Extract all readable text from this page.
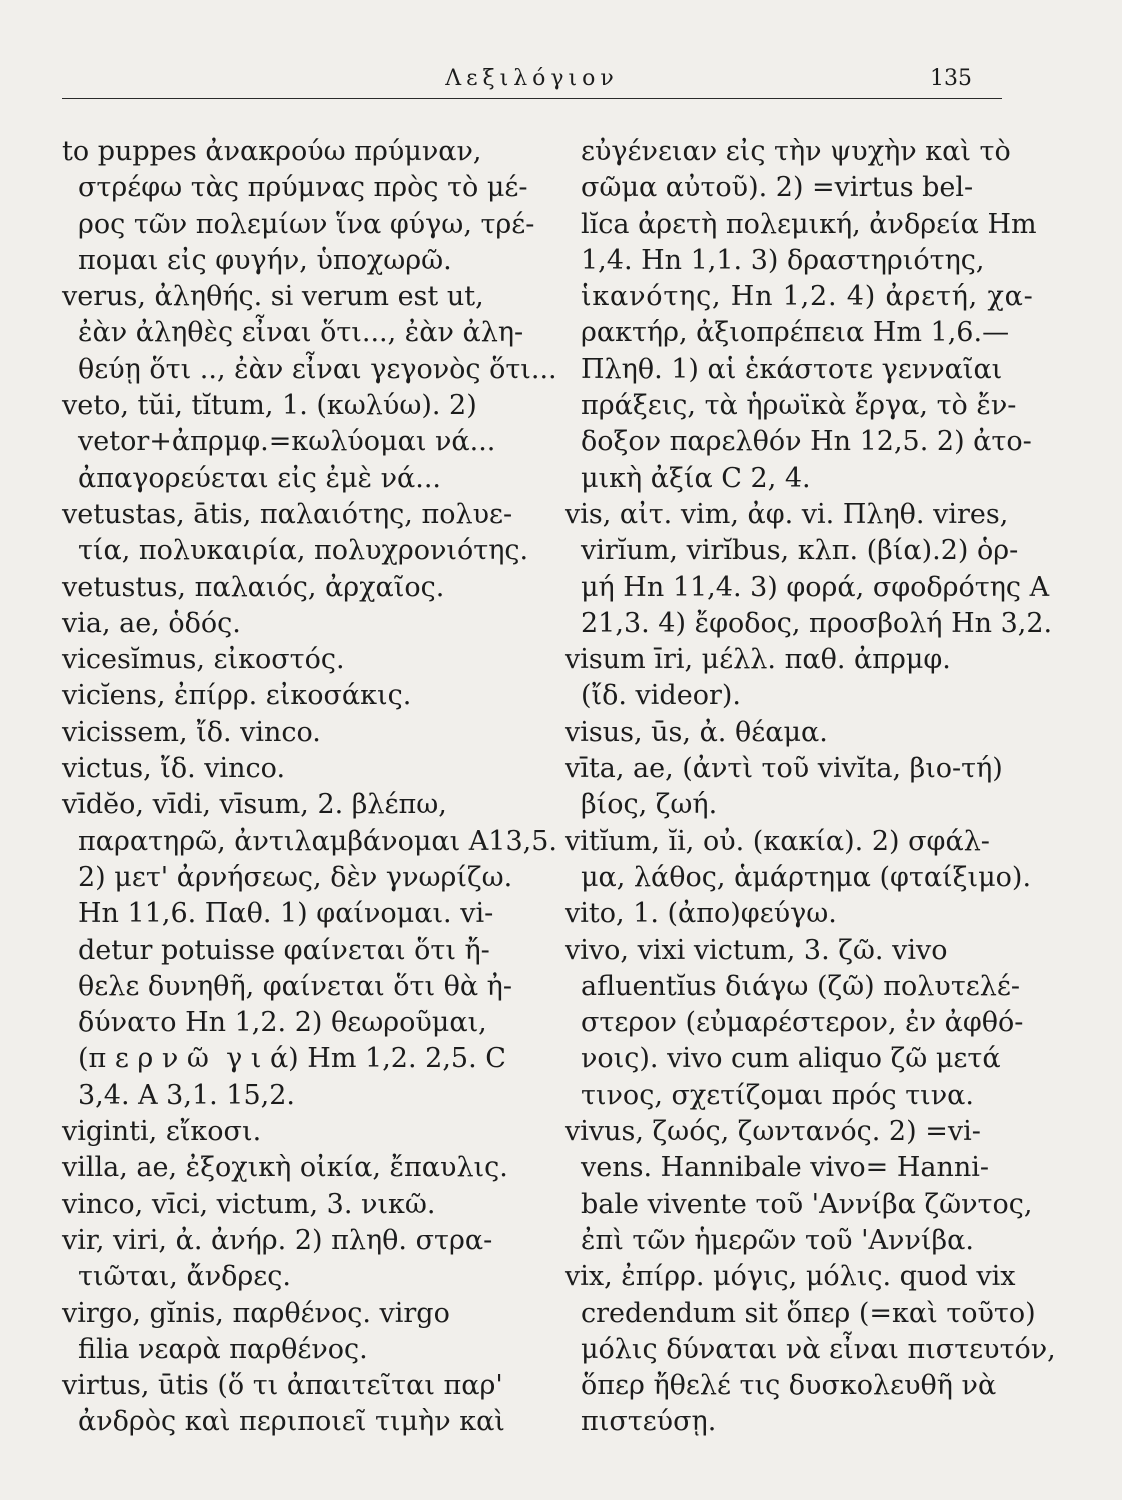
Λεξιλόγιον	135
to puppes ἀνακρούω πρύμναν,
στρέφω τὰς πρύμνας πρὸς τὸ μέ-
ρος τῶν πολεμίων ἵνα φύγω, τρέ-
πομαι εἰς φυγήν, ὑποχωρῶ.
verus, ἀληθής. si verum est ut,
ἐὰν ἀληθὲς εἶναι ὅτι..., ἐὰν ἀλη-
θεύῃ ὅτι .., ἐὰν εἶναι γεγονὸς ὅτι...
veto, tŭi, tĭtum, 1. (κωλύω). 2)
vetor+ἀπρμφ.=κωλύομαι νά...
ἀπαγορεύεται εἰς ἐμὲ νά...
vetustas, ātis, παλαιότης, πολυε-
τία, πολυκαιρία, πολυχρονιότης.
vetustus, παλαιός, ἀρχαῖος.
via, ae, ὁδός.
vicesĭmus, εἰκοστός.
vicĭens, ἐπίρρ. εἰκοσάκις.
vicissem, ἴδ. vinco.
victus, ἴδ. vinco.
vīdĕo, vīdi, vīsum, 2. βλέπω,
παρατηρῶ, ἀντιλαμβάνομαι A13,5.
2) μετ' ἀρνήσεως, δὲν γνωρίζω.
Hn 11,6. Παθ. 1) φαίνομαι. vi-
detur potuisse φαίνεται ὅτι ἤ-
θελε δυνηθῆ, φαίνεται ὅτι θὰ ἠ-
δύνατο Hn 1,2. 2) θεωροῦμαι,
(π ε ρ ν ῶ  γ ι ά) Hm 1,2. 2,5. C
3,4. A 3,1. 15,2.
viginti, εἴκοσι.
villa, ae, ἐξοχικὴ οἰκία, ἔπαυλις.
vinco, vīci, victum, 3. νικῶ.
vir, viri, ἀ. ἀνήρ. 2) πληθ. στρα-
τιῶται, ἄνδρες.
virgo, gĭnis, παρθένος. virgo
filia νεαρὰ παρθένος.
virtus, ūtis (ὅ τι ἀπαιτεῖται παρ'
ἀνδρὸς καὶ περιποιεῖ τιμὴν καὶ
εὐγένειαν εἰς τὴν ψυχὴν καὶ τὸ
σῶμα αὐτοῦ). 2) =virtus bel-
lĭca ἀρετὴ πολεμική, ἀνδρεία Hm
1,4. Hn 1,1. 3) δραστηριότης,
ἱκανότης, Hn 1,2. 4) ἀρετή, χα-
ρακτήρ, ἀξιοπρέπεια Hm 1,6.—
Πληθ. 1) αἱ ἑκάστοτε γενναῖαι
πράξεις, τὰ ἡρωϊκὰ ἔργα, τὸ ἔν-
δοξον παρελθόν Hn 12,5. 2) ἀτο-
μικὴ ἀξία C 2, 4.
vis, αἰτ. vim, ἀφ. vi. Πληθ. vires,
virĭum, virĭbus, κλπ. (βία).2) ὁρ-
μή Hn 11,4. 3) φορά, σφοδρότης A
21,3. 4) ἔφοδος, προσβολή Hn 3,2.
visum īri, μέλλ. παθ. ἀπρμφ.
(ἴδ. videor).
visus, ūs, ἀ. θέαμα.
vīta, ae, (ἀντὶ τοῦ vivĭta, βιο-τή)
βίος, ζωή.
vitĭum, ĭi, οὐ. (κακία). 2) σφάλ-
μα, λάθος, ἁμάρτημα (φταίξιμο).
vito, 1. (ἀπο)φεύγω.
vivo, vixi victum, 3. ζῶ. vivo
afluentĭus διάγω (ζῶ) πολυτελέ-
στερον (εὐμαρέστερον, ἐν ἀφθό-
νοις). vivo cum aliquo ζῶ μετά
τινος, σχετίζομαι πρός τινα.
vivus, ζωός, ζωντανός. 2) =vi-
vens. Hannibale vivo= Hanni-
bale vivente τοῦ 'Αννίβα ζῶντος,
ἐπὶ τῶν ἡμερῶν τοῦ 'Αννίβα.
vix, ἐπίρρ. μόγις, μόλις. quod vix
credendum sit ὅπερ (=καὶ τοῦτο)
μόλις δύναται νὰ εἶναι πιστευτόν,
ὅπερ ἤθελέ τις δυσκολευθῆ νὰ
πιστεύσῃ.
